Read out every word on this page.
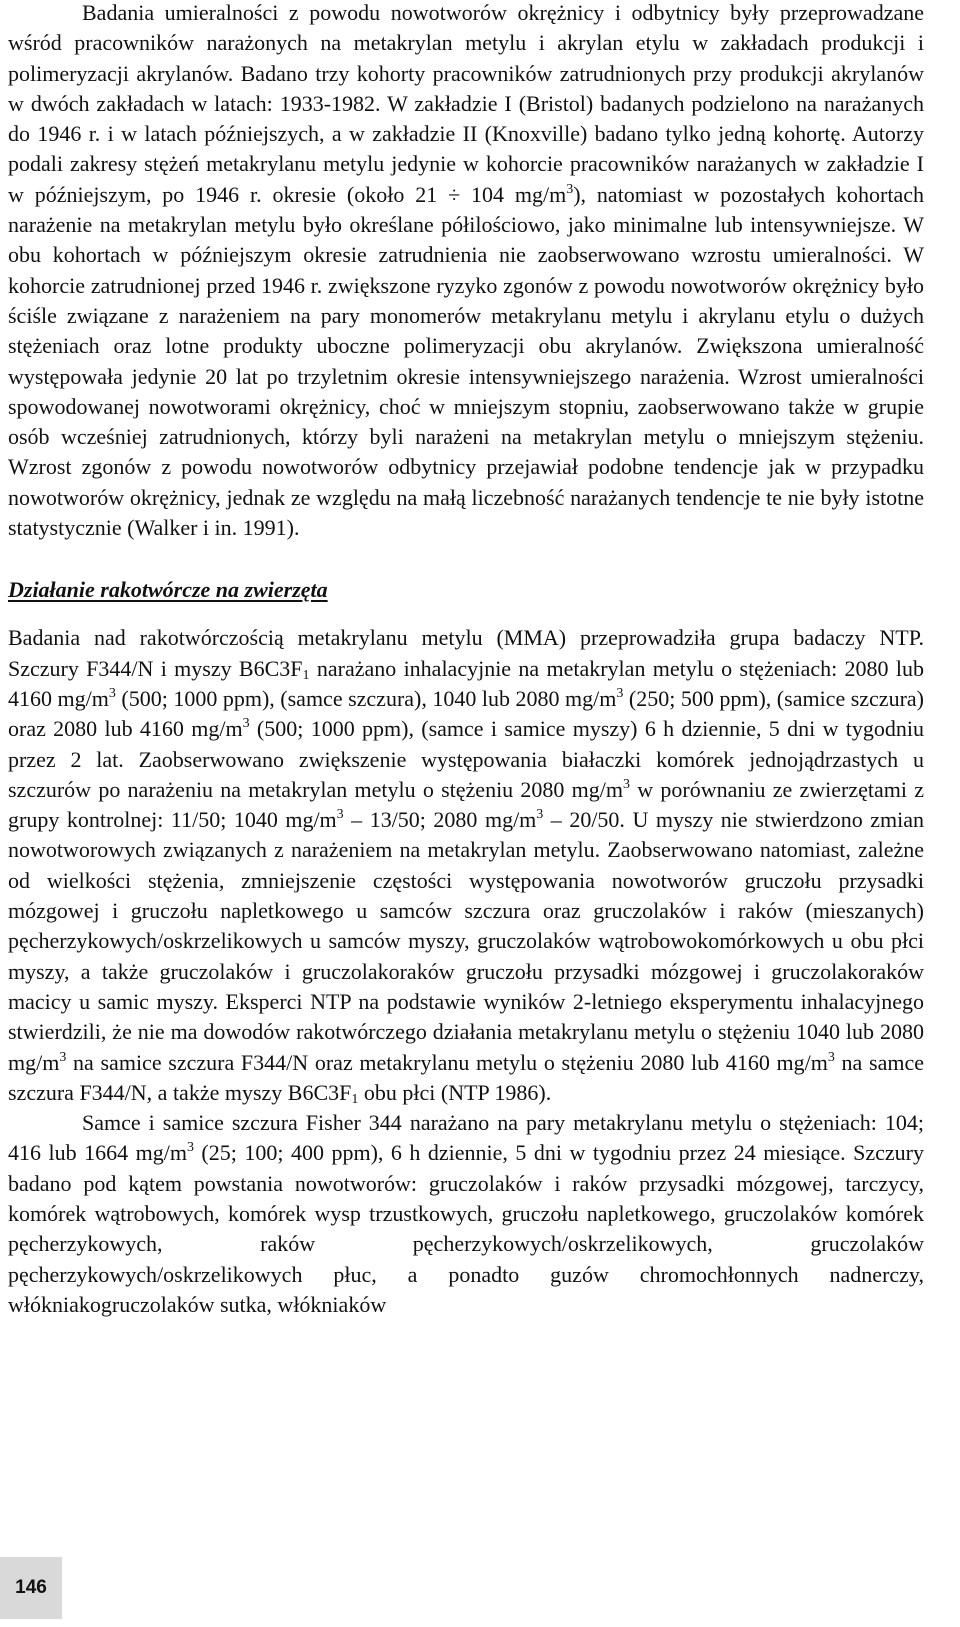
Badania umieralności z powodu nowotworów okrężnicy i odbytnicy były przeprowadzane wśród pracowników narażonych na metakrylan metylu i akrylan etylu w zakładach produkcji i polimeryzacji akrylanów. Badano trzy kohorty pracowników zatrudnionych przy produkcji akrylanów w dwóch zakładach w latach: 1933-1982. W zakładzie I (Bristol) badanych podzielono na narażanych do 1946 r. i w latach późniejszych, a w zakładzie II (Knoxville) badano tylko jedną kohortę. Autorzy podali zakresy stężeń metakrylanu metylu jedynie w kohorcie pracowników narażanych w zakładzie I w późniejszym, po 1946 r. okresie (około 21 ÷ 104 $mg/m^3$), natomiast w pozostałych kohortach narażenie na metakrylan metylu było określane półilościowo, jako minimalne lub intensywniejsze. W obu kohortach w późniejszym okresie zatrudnienia nie zaobserwowano wzrostu umieralności. W kohorcie zatrudnionej przed 1946 r. zwiększone ryzyko zgonów z powodu nowotworów okrężnicy było ściśle związane z narażeniem na pary monomerów metakrylanu metylu i akrylanu etylu o dużych stężeniach oraz lotne produkty uboczne polimeryzacji obu akrylanów. Zwiększona umieralność występowała jedynie 20 lat po trzyletnim okresie intensywniejszego narażenia. Wzrost umieralności spowodowanej nowotworami okrężnicy, choć w mniejszym stopniu, zaobserwowano także w grupie osób wcześniej zatrudnionych, którzy byli narażeni na metakrylan metylu o mniejszym stężeniu. Wzrost zgonów z powodu nowotworów odbytnicy przejawiał podobne tendencje jak w przypadku nowotworów okrężnicy, jednak ze względu na małą liczebność narażanych tendencje te nie były istotne statystycznie (Walker i in. 1991).

Działanie rakotwórcze na zwierzęta

Badania nad rakotwórczością metakrylanu metylu (MMA) przeprowadziła grupa badaczy NTP. Szczury F344/N i myszy $B6C3F_1$ narażano inhalacyjnie na metakrylan metylu o stężeniach: 2080 lub 4160 $mg/m^3$ (500; 1000 ppm), (samce szczura), 1040 lub 2080 $mg/m^3$ (250; 500 ppm), (samice szczura) oraz 2080 lub 4160 $mg/m^3$ (500; 1000 ppm), (samce i samice myszy) 6 h dziennie, 5 dni w tygodniu przez 2 lat. Zaobserwowano zwiększenie występowania białaczki komórek jednojądrzastych u szczurów po narażeniu na metakrylan metylu o stężeniu 2080 $mg/m^3$ w porównaniu ze zwierzętami z grupy kontrolnej: 11/50; 1040 $mg/m^3 - 13/50$; 2080 $mg/m^3 - 20/50$. U myszy nie stwierdzono zmian nowotworowych związanych z narażeniem na metakrylan metylu. Zaobserwowano natomiast, zależne od wielkości stężenia, zmniejszenie częstości występowania nowotworów gruczołu przysadki mózgowej i gruczołu napletkowego u samców szczura oraz gruczolaków i raków (mieszanych) pęcherzykowych/oskrzelikowych u samców myszy, gruczolaków wątrobowokomórkowych u obu płci myszy, a także gruczolaków i gruczolakoraków gruczołu przysadki mózgowej i gruczolakoraków macicy u samic myszy. Eksperci NTP na podstawie wyników 2-letniego eksperymentu inhalacyjnego stwierdzili, że nie ma dowodów rakotwórczego działania metakrylanu metylu o stężeniu 1040 lub 2080 $mg/m^3$ na samice szczura F344/N oraz metakrylanu metylu o stężeniu 2080 lub 4160 $mg/m^3$ na samce szczura F344/N, a także myszy $B6C3F_1$ obu płci (NTP 1986).

Samce i samice szczura Fisher 344 narażano na pary metakrylanu metylu o stężeniach: 104; 416 lub 1664 $mg/m^3$ (25; 100; 400 ppm), 6 h dziennie, 5 dni w tygodniu przez 24 miesiące. Szczury badano pod kątem powstania nowotworów: gruczolaków i raków przysadki mózgowej, tarczycy, komórek wątrobowych, komórek wysp trzustkowych, gruczołu napletkowego, gruczolaków komórek pęcherzykowych, raków pęcherzykowych/oskrzelikowych, gruczolaków pęcherzykowych/oskrzelikowych płuc, a ponadto guzów chromochłonnych nadnerczy, włókniakogruczolaków sutka, włókniaków

146
